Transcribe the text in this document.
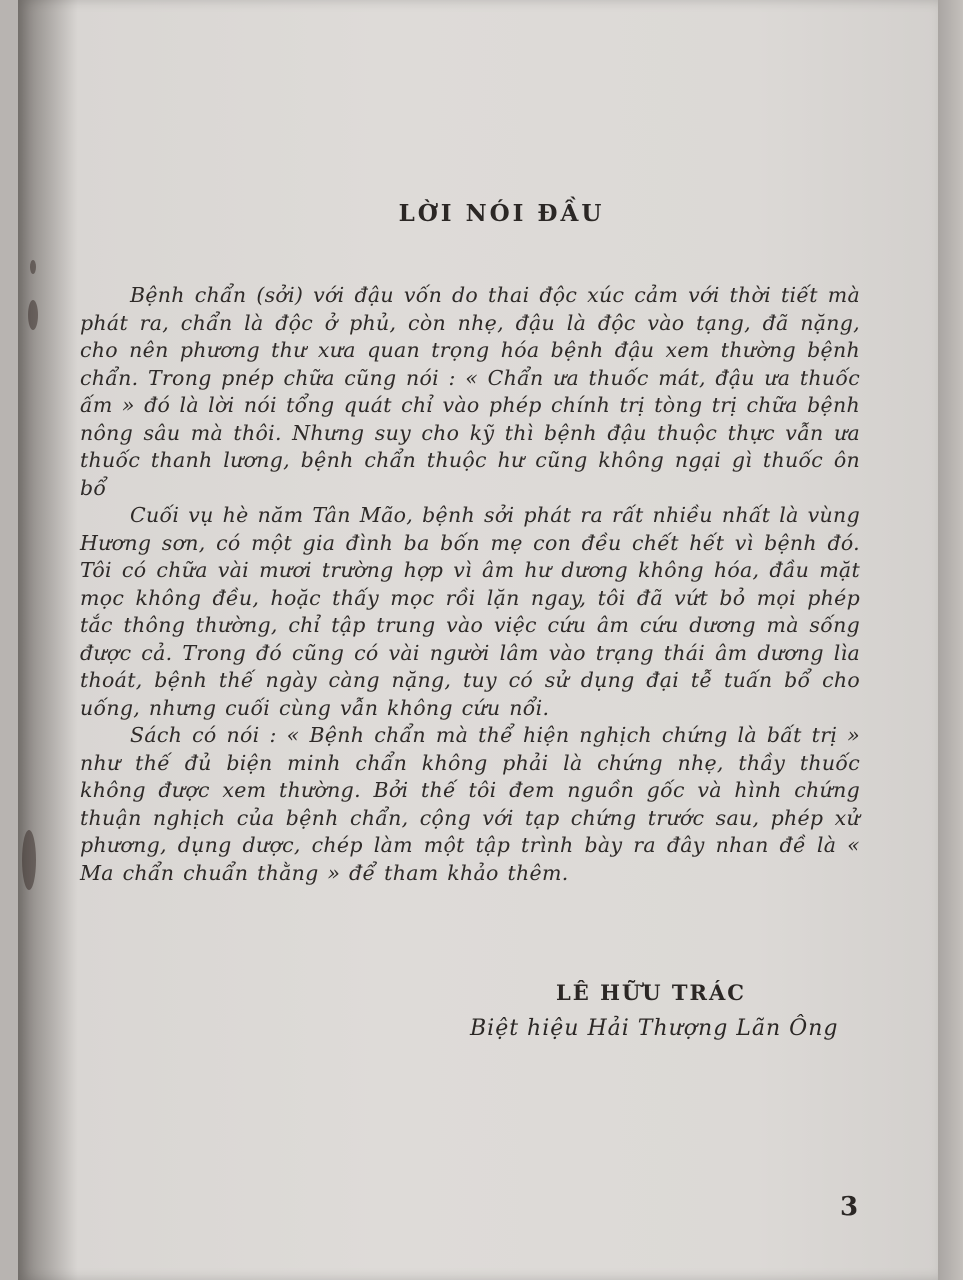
LỜI NÓI ĐẦU

Bệnh chẩn (sởi) với đậu vốn do thai độc xúc cảm với thời tiết mà phát ra, chẩn là độc ở phủ, còn nhẹ, đậu là độc vào tạng, đã nặng, cho nên phương thư xưa quan trọng hóa bệnh đậu xem thường bệnh chẩn. Trong pnép chữa cũng nói : « Chẩn ưa thuốc mát, đậu ưa thuốc ấm » đó là lời nói tổng quát chỉ vào phép chính trị tòng trị chữa bệnh nông sâu mà thôi. Nhưng suy cho kỹ thì bệnh đậu thuộc thực vẫn ưa thuốc thanh lương, bệnh chẩn thuộc hư cũng không ngại gì thuốc ôn bổ

Cuối vụ hè năm Tân Mão, bệnh sởi phát ra rất nhiều nhất là vùng Hương sơn, có một gia đình ba bốn mẹ con đều chết hết vì bệnh đó. Tôi có chữa vài mươi trường hợp vì âm hư dương không hóa, đầu mặt mọc không đều, hoặc thấy mọc rồi lặn ngay, tôi đã vứt bỏ mọi phép tắc thông thường, chỉ tập trung vào việc cứu âm cứu dương mà sống được cả. Trong đó cũng có vài người lâm vào trạng thái âm dương lìa thoát, bệnh thế ngày càng nặng, tuy có sử dụng đại tễ tuấn bổ cho uống, nhưng cuối cùng vẫn không cứu nổi.

Sách có nói : « Bệnh chẩn mà thể hiện nghịch chứng là bất trị » như thế đủ biện minh chẩn không phải là chứng nhẹ, thầy thuốc không được xem thường. Bởi thế tôi đem nguồn gốc và hình chứng thuận nghịch của bệnh chẩn, cộng với tạp chứng trước sau, phép xử phương, dụng dược, chép làm một tập trình bày ra đây nhan đề là « Ma chẩn chuẩn thằng » để tham khảo thêm.

LÊ HỮU TRÁC
Biệt hiệu Hải Thượng Lãn Ông
3
